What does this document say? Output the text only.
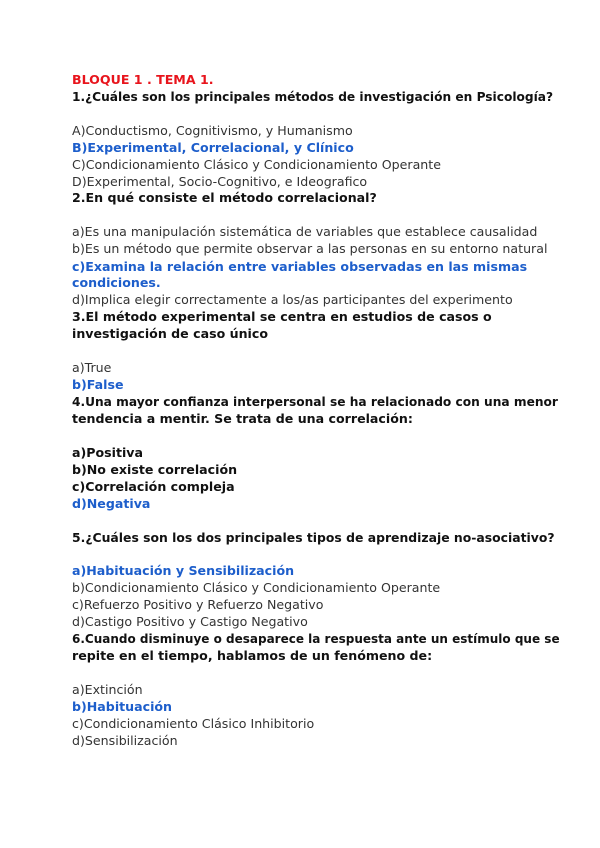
BLOQUE 1 . TEMA 1.
1.¿Cuáles son los principales métodos de investigación en Psicología?
A)Conductismo, Cognitivismo, y Humanismo
B)Experimental, Correlacional, y Clínico
C)Condicionamiento Clásico y Condicionamiento Operante
D)Experimental, Socio-Cognitivo, e Ideografico
2.En qué consiste el método correlacional?
a)Es una manipulación sistemática de variables que establece causalidad
b)Es un método que permite observar a las personas en su entorno natural
c)Examina la relación entre variables observadas en las mismas
condiciones.
d)Implica elegir correctamente a los/as participantes del experimento
3.El método experimental se centra en estudios de casos o
investigación de caso único
a)True
b)False
4.Una mayor confianza interpersonal se ha relacionado con una menor
tendencia a mentir. Se trata de una correlación:
a)Positiva
b)No existe correlación
c)Correlación compleja
d)Negativa
5.¿Cuáles son los dos principales tipos de aprendizaje no-asociativo?
a)Habituación y Sensibilización
b)Condicionamiento Clásico y Condicionamiento Operante
c)Refuerzo Positivo y Refuerzo Negativo
d)Castigo Positivo y Castigo Negativo
6.Cuando disminuye o desaparece la respuesta ante un estímulo que se
repite en el tiempo, hablamos de un fenómeno de:
a)Extinción
b)Habituación
c)Condicionamiento Clásico Inhibitorio
d)Sensibilización
